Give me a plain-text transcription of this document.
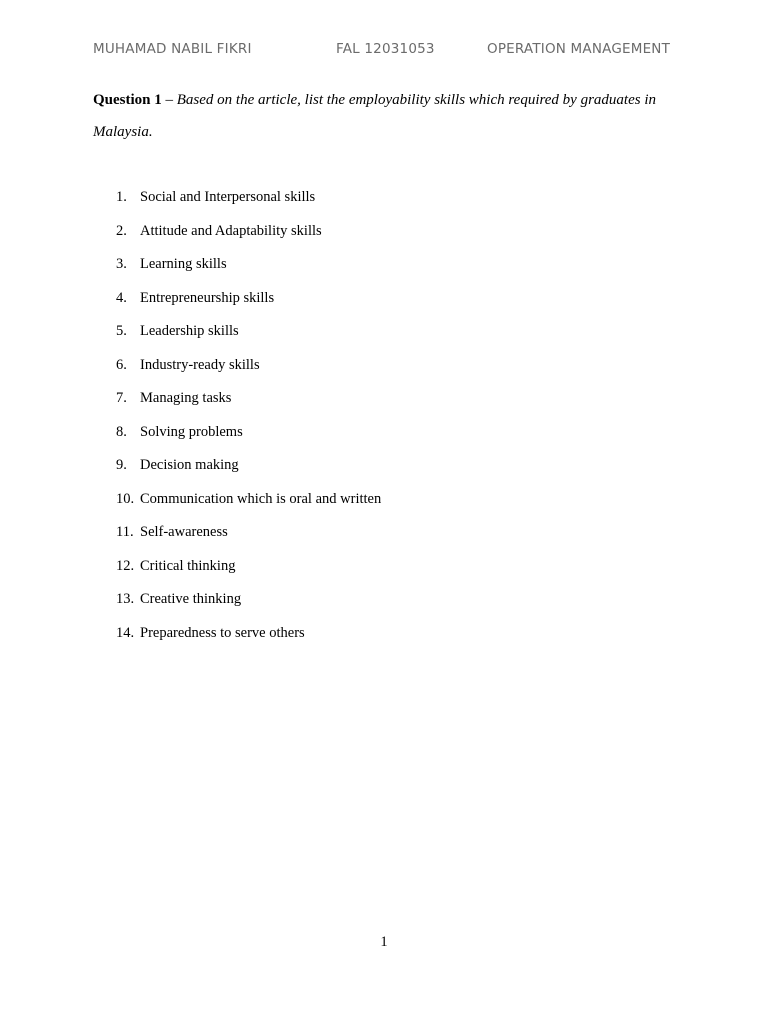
MUHAMAD NABIL FIKRI	FAL 12031053	OPERATION MANAGEMENT
Question 1 – Based on the article, list the employability skills which required by graduates in Malaysia.
1. Social and Interpersonal skills
2. Attitude and Adaptability skills
3. Learning skills
4. Entrepreneurship skills
5. Leadership skills
6. Industry-ready skills
7. Managing tasks
8. Solving problems
9. Decision making
10. Communication which is oral and written
11. Self-awareness
12. Critical thinking
13. Creative thinking
14. Preparedness to serve others
1
